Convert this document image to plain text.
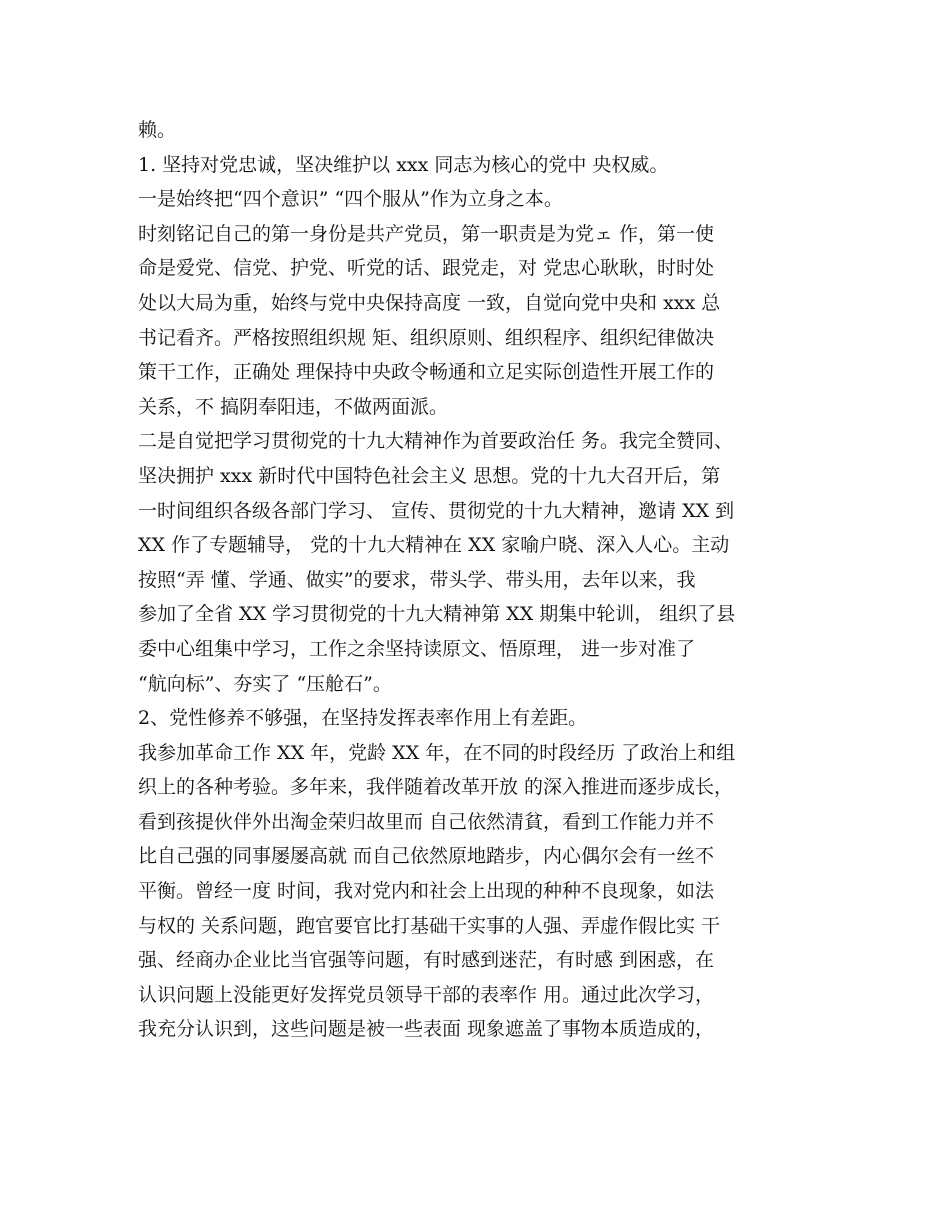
赖。
1. 坚持对党忠诚，坚决维护以 xxx 同志为核心的党中 央权威。
一是始终把“四个意识” “四个服从”作为立身之本。
时刻铭记自己的第一身份是共产党员，第一职责是为党ェ 作，第一使
命是爱党、信党、护党、听党的话、跟党走，对 党忠心耿耿，时时处
处以大局为重，始终与党中央保持高度 一致，自觉向党中央和 xxx 总
书记看齐。严格按照组织规 矩、组织原则、组织程序、组织纪律做决
策干工作，正确处 理保持中央政令畅通和立足实际创造性开展工作的
关系，不 搞阴奉阳违，不做两面派。
二是自觉把学习贯彻党的十九大精神作为首要政治任 务。我完全赞同、
坚决拥护 xxx 新时代中国特色社会主义 思想。党的十九大召开后，第
一时间组织各级各部门学习、 宣传、贯彻党的十九大精神，邀请 XX 到
XX 作了专题辅导， 党的十九大精神在 XX 家喻户晓、深入人心。主动
按照“弄 懂、学通、做实”的要求，带头学、带头用，去年以来，我
参加了全省 XX 学习贯彻党的十九大精神第 XX 期集中轮训， 组织了县
委中心组集中学习，工作之余坚持读原文、悟原理， 进一步对准了
“航向标”、夯实了 “压舱石”。
2、党性修养不够强，在坚持发挥表率作用上有差距。
我参加革命工作 XX 年，党龄 XX 年，在不同的时段经历 了政治上和组
织上的各种考验。多年来，我伴随着改革开放 的深入推进而逐步成长，
看到孩提伙伴外出淘金荣归故里而 自己依然清貧，看到工作能力并不
比自己强的同事屡屡高就 而自己依然原地踏步，内心偶尔会有一丝不
平衡。曾经一度 时间，我对党内和社会上出现的种种不良现象，如法
与权的 关系问题，跑官要官比打基础干实事的人强、弄虚作假比实 干
强、经商办企业比当官强等问题，有时感到迷茫，有时感 到困惑，在
认识问题上没能更好发挥党员领导干部的表率作 用。通过此次学习，
我充分认识到，这些问题是被一些表面 现象遮盖了事物本质造成的，
